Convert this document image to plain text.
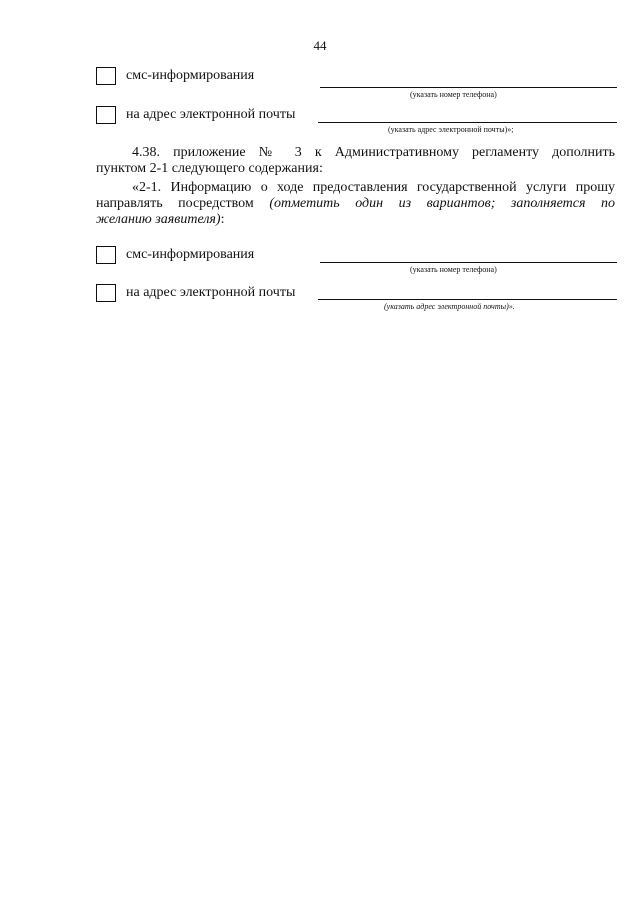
44
смс-информирования
(указать номер телефона)
на адрес электронной почты
(указать адрес электронной почты)»;
4.38. приложение № 3 к Административному регламенту дополнить
пунктом 2-1 следующего содержания:
«2-1. Информацию о ходе предоставления государственной услуги прошу
направлять посредством (отметить один из вариантов; заполняется по
желанию заявителя):
смс-информирования
(указать номер телефона)
на адрес электронной почты
(указать адрес электронной почты)».
